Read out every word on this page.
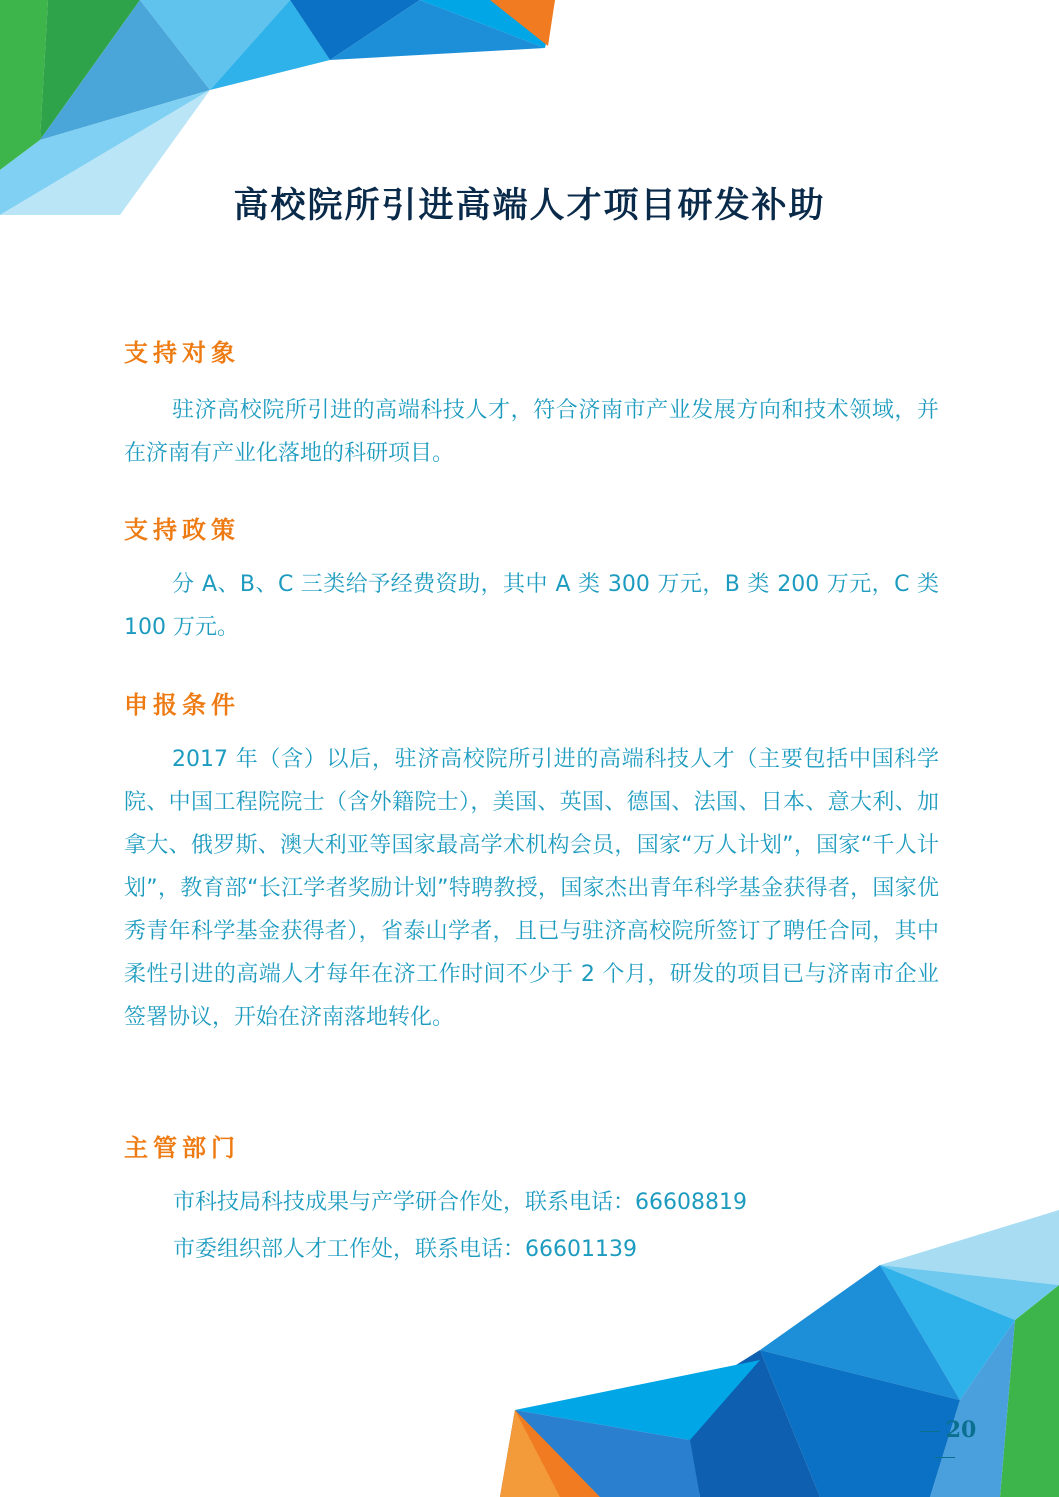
高校院所引进高端人才项目研发补助
支持对象

驻济高校院所引进的高端科技人才，符合济南市产业发展方向和技术领域，并在济南有产业化落地的科研项目。

支持政策

分 A、B、C 三类给予经费资助，其中 A 类 300 万元，B 类 200 万元，C 类 100 万元。

申报条件

2017 年（含）以后，驻济高校院所引进的高端科技人才（主要包括中国科学院、中国工程院院士（含外籍院士），美国、英国、德国、法国、日本、意大利、加拿大、俄罗斯、澳大利亚等国家最高学术机构会员，国家“万人计划”，国家“千人计划”，教育部“长江学者奖励计划”特聘教授，国家杰出青年科学基金获得者，国家优秀青年科学基金获得者），省泰山学者，且已与驻济高校院所签订了聘任合同，其中柔性引进的高端人才每年在济工作时间不少于 2 个月，研发的项目已与济南市企业签署协议，开始在济南落地转化。

主管部门
市科技局科技成果与产学研合作处，联系电话：66608819
市委组织部人才工作处，联系电话：66601139
20
